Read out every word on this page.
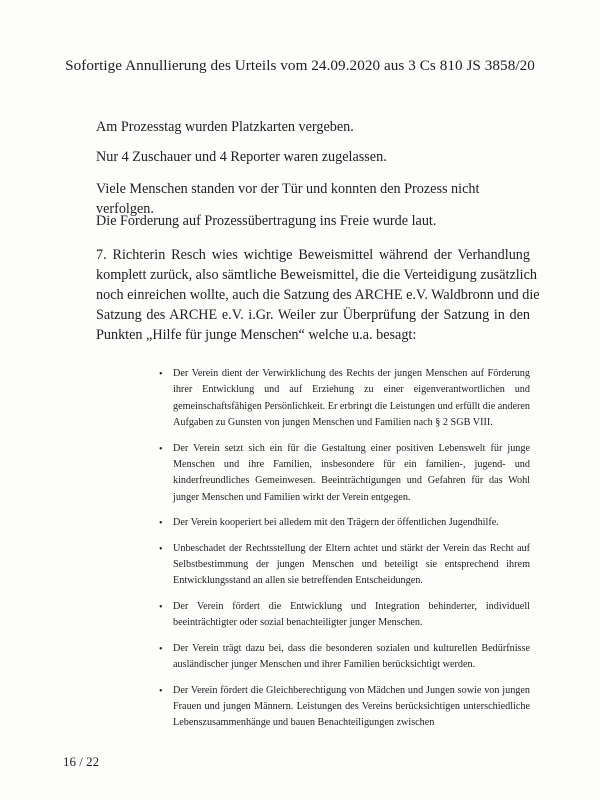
Sofortige Annullierung des Urteils vom 24.09.2020 aus 3 Cs 810 JS 3858/20

Am Prozesstag wurden Platzkarten vergeben.

Nur 4 Zuschauer und 4 Reporter waren zugelassen.

Viele Menschen standen vor der Tür und konnten den Prozess nicht verfolgen.

Die Forderung auf Prozessübertragung ins Freie wurde laut.

7. Richterin Resch wies wichtige Beweismittel während der Verhandlung
komplett zurück, also sämtliche Beweismittel, die die Verteidigung zusätzlich
noch einreichen wollte, auch die Satzung des ARCHE e.V. Waldbronn und die
Satzung des ARCHE e.V. i.Gr. Weiler zur Überprüfung der Satzung in den
Punkten „Hilfe für junge Menschen“ welche u.a. besagt:
• Der Verein dient der Verwirklichung des Rechts der jungen Menschen auf Förderung ihrer Entwicklung und auf Erziehung zu einer eigenverantwortlichen und gemeinschaftsfähigen Persönlichkeit. Er erbringt die Leistungen und erfüllt die anderen Aufgaben zu Gunsten von jungen Menschen und Familien nach § 2 SGB VIII.
• Der Verein setzt sich ein für die Gestaltung einer positiven Lebenswelt für junge Menschen und ihre Familien, insbesondere für ein familien-, jugend- und kinderfreundliches Gemeinwesen. Beeinträchtigungen und Gefahren für das Wohl junger Menschen und Familien wirkt der Verein entgegen.
• Der Verein kooperiert bei alledem mit den Trägern der öffentlichen Jugendhilfe.
• Unbeschadet der Rechtsstellung der Eltern achtet und stärkt der Verein das Recht auf Selbstbestimmung der jungen Menschen und beteiligt sie entsprechend ihrem Entwicklungsstand an allen sie betreffenden Entscheidungen.
• Der Verein fördert die Entwicklung und Integration behinderter, individuell beeinträchtigter oder sozial benachteiligter junger Menschen.
• Der Verein trägt dazu bei, dass die besonderen sozialen und kulturellen Bedürfnisse ausländischer junger Menschen und ihrer Familien berücksichtigt werden.
• Der Verein fördert die Gleichberechtigung von Mädchen und Jungen sowie von jungen Frauen und jungen Männern. Leistungen des Vereins berücksichtigen unterschiedliche Lebenszusammenhänge und bauen Benachteiligungen zwischen
16 / 22
